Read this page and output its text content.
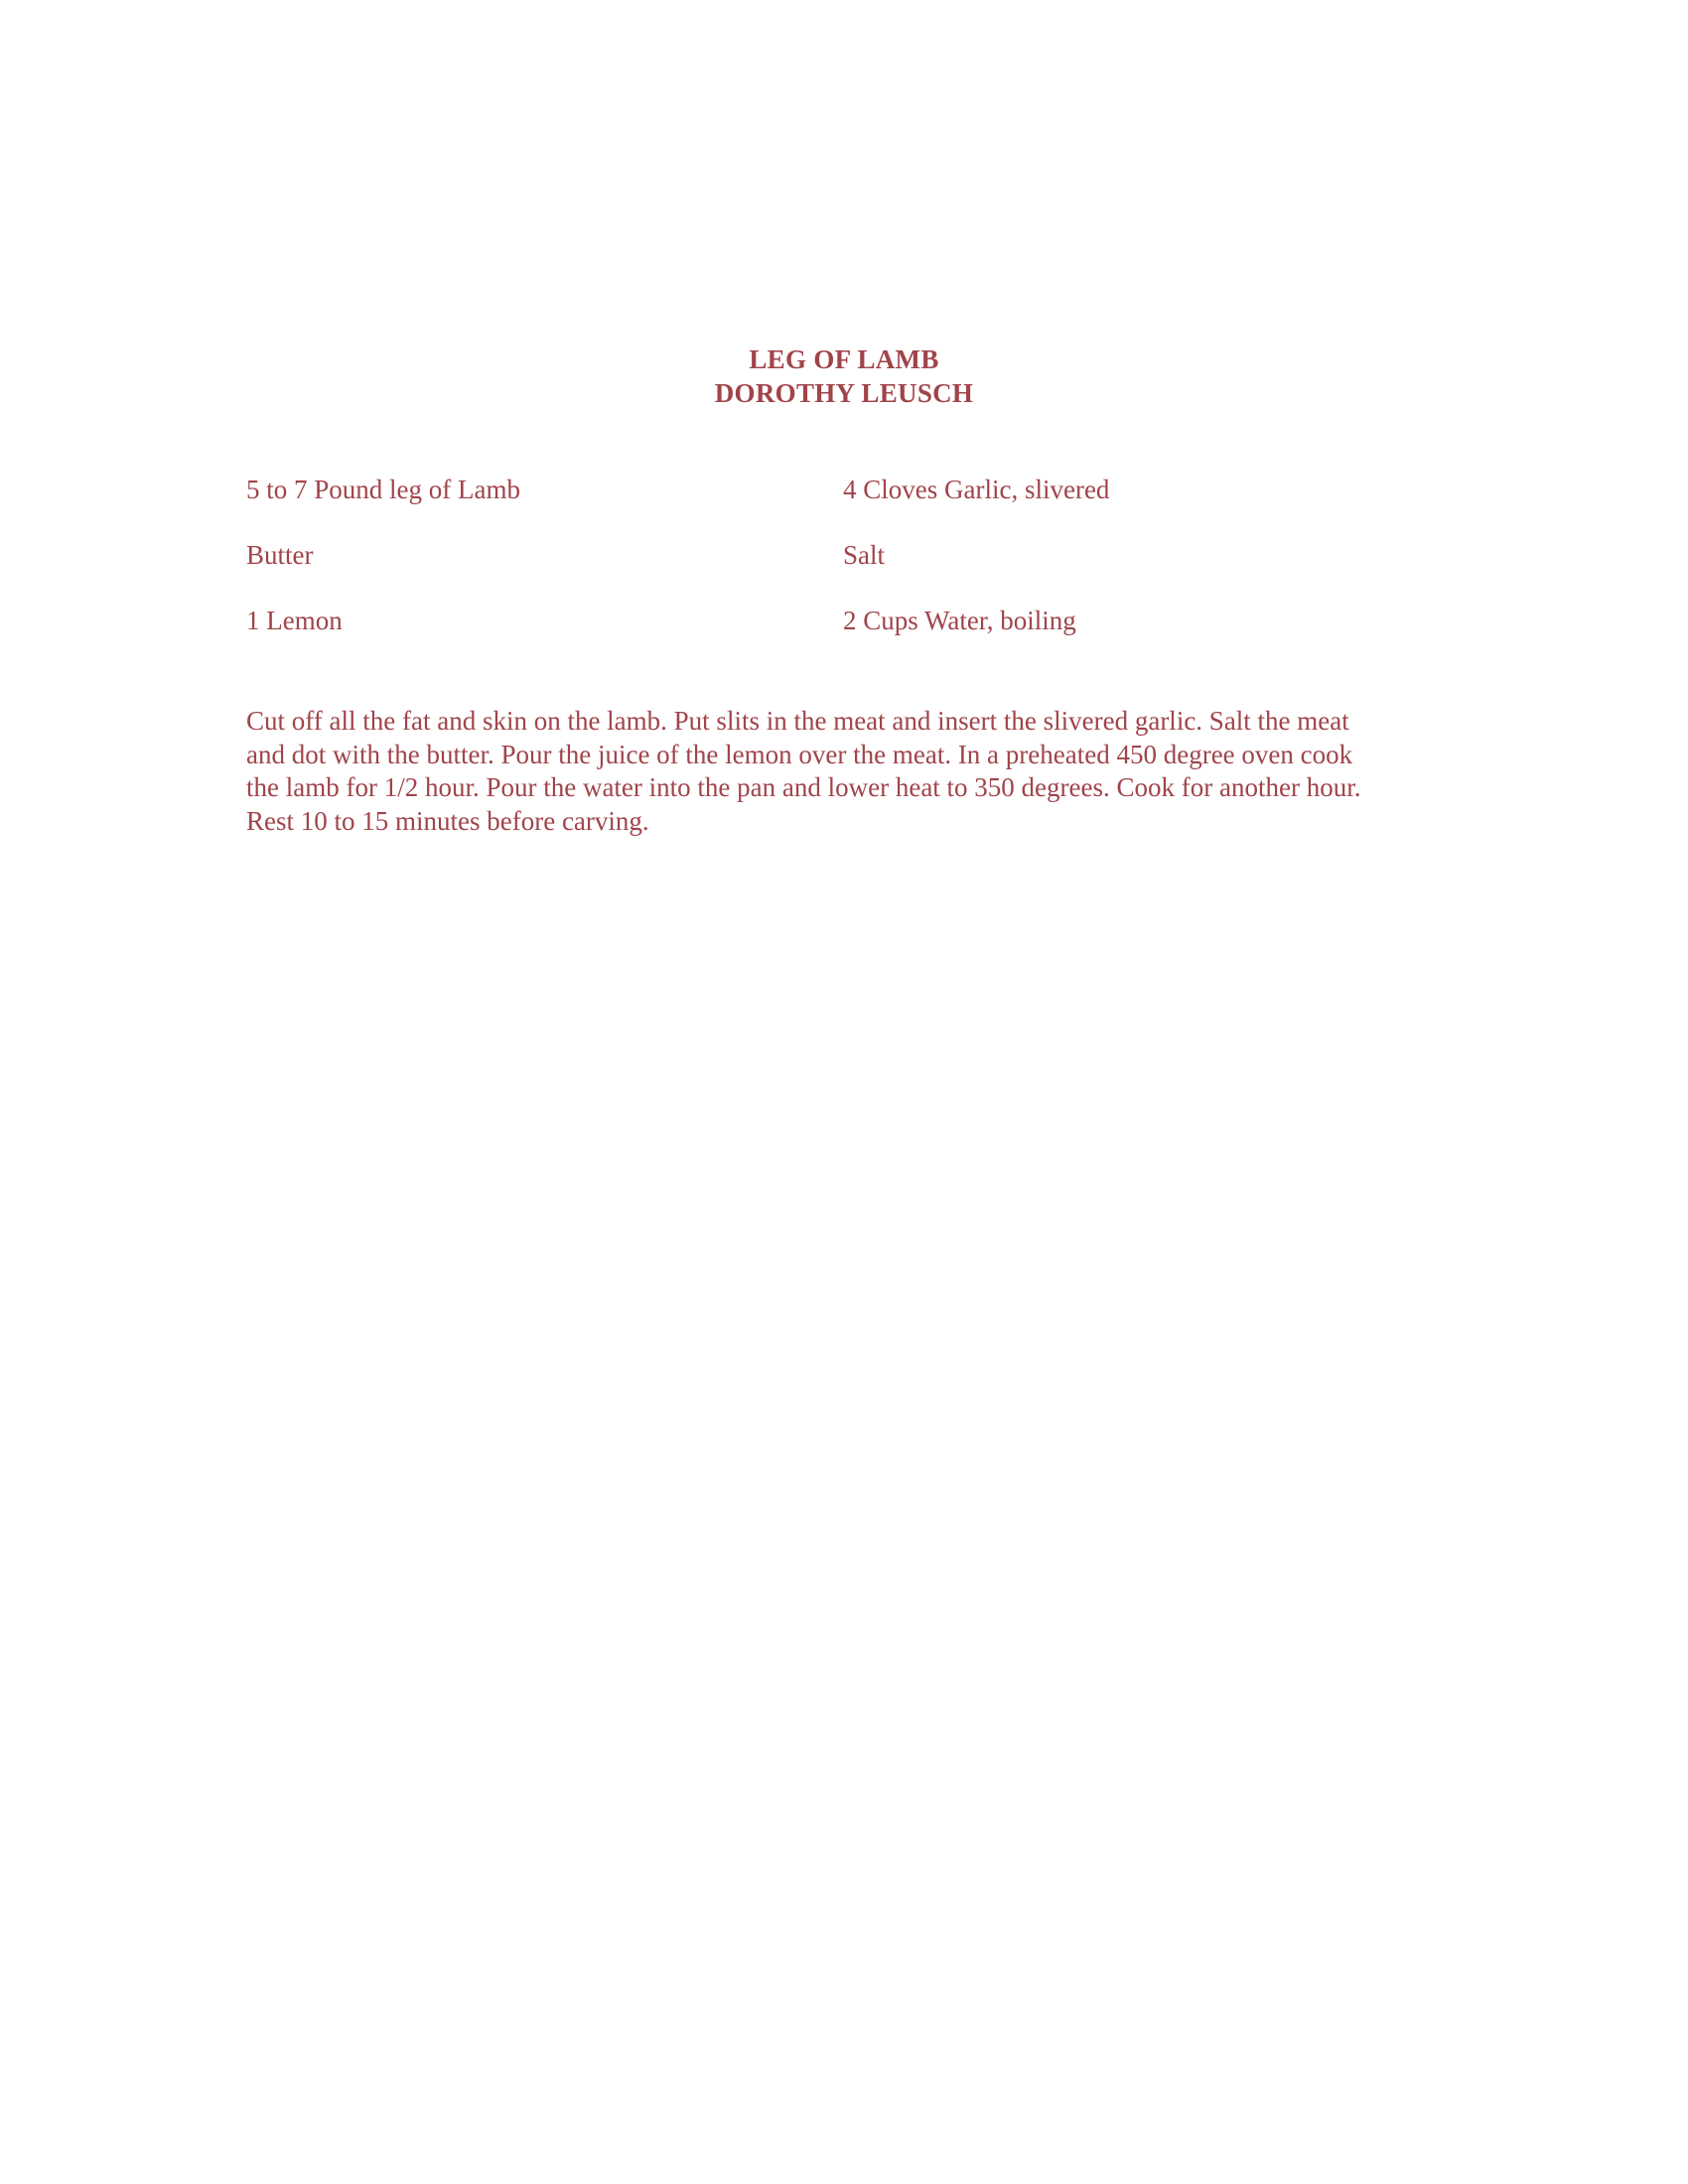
LEG OF LAMB
DOROTHY LEUSCH
5 to 7 Pound leg of Lamb	4 Cloves Garlic, slivered
Butter	Salt
1 Lemon	2 Cups Water, boiling

Cut off all the fat and skin on the lamb. Put slits in the meat and insert the slivered garlic. Salt the meat
and dot with the butter. Pour the juice of the lemon over the meat. In a preheated 450 degree oven cook
the lamb for 1/2 hour. Pour the water into the pan and lower heat to 350 degrees. Cook for another hour.
Rest 10 to 15 minutes before carving.
